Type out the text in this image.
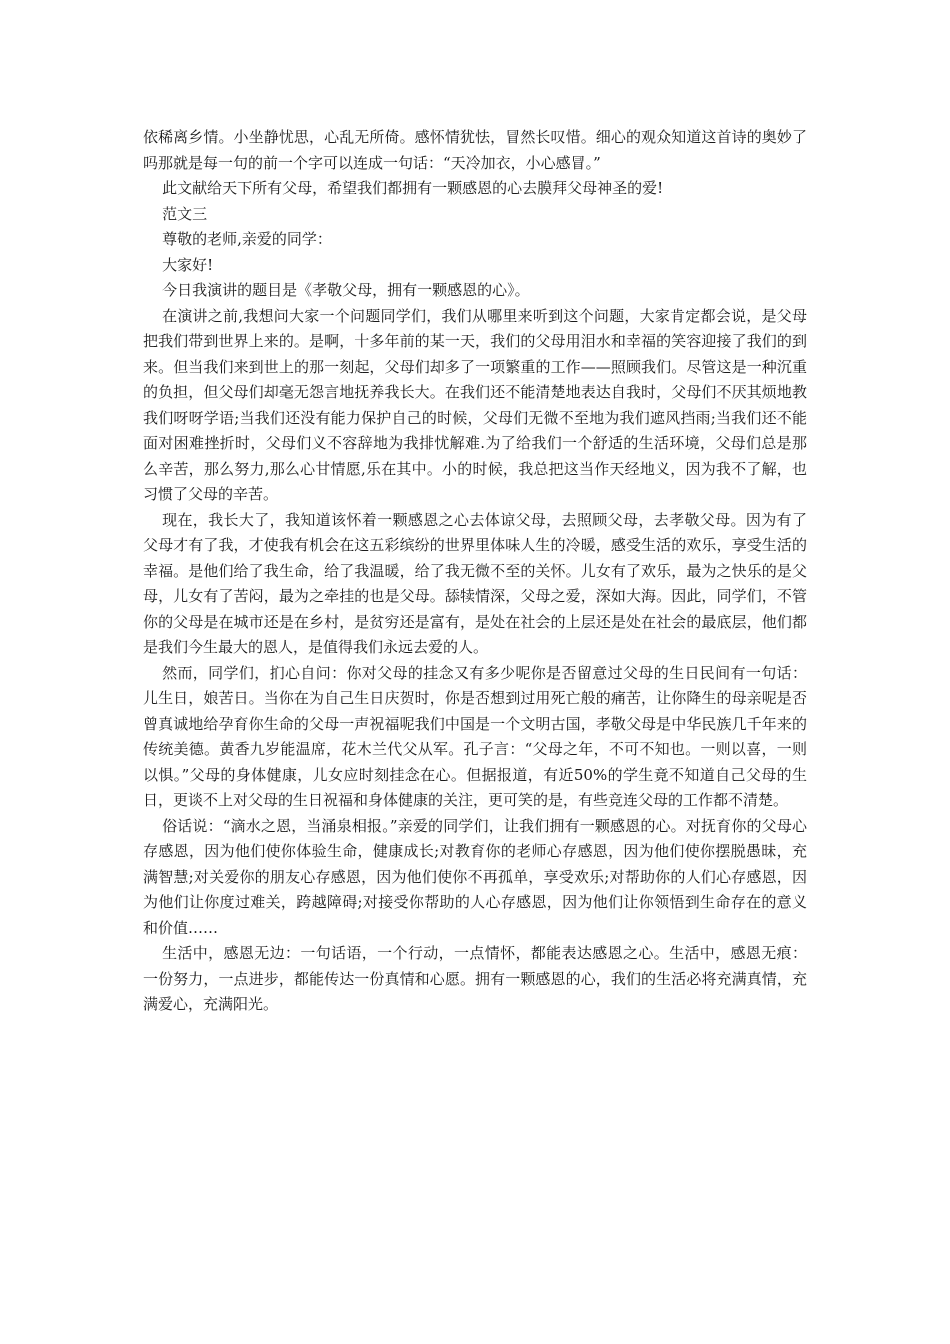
依稀离乡情。小坐静忧思，心乱无所倚。感怀情犹怯，冒然长叹惜。细心的观众知道这首诗的奥妙了吗那就是每一句的前一个字可以连成一句话：“天冷加衣，小心感冒。”

此文献给天下所有父母，希望我们都拥有一颗感恩的心去膜拜父母神圣的爱!

范文三

尊敬的老师,亲爱的同学：

大家好!

今日我演讲的题目是《孝敬父母，拥有一颗感恩的心》。

在演讲之前,我想问大家一个问题同学们，我们从哪里来听到这个问题，大家肯定都会说，是父母把我们带到世界上来的。是啊，十多年前的某一天，我们的父母用泪水和幸福的笑容迎接了我们的到来。但当我们来到世上的那一刻起，父母们却多了一项繁重的工作——照顾我们。尽管这是一种沉重的负担，但父母们却毫无怨言地抚养我长大。在我们还不能清楚地表达自我时，父母们不厌其烦地教我们呀呀学语;当我们还没有能力保护自己的时候，父母们无微不至地为我们遮风挡雨;当我们还不能面对困难挫折时，父母们义不容辞地为我排忧解难.为了给我们一个舒适的生活环境，父母们总是那么辛苦，那么努力,那么心甘情愿,乐在其中。小的时候，我总把这当作天经地义，因为我不了解，也习惯了父母的辛苦。

现在，我长大了，我知道该怀着一颗感恩之心去体谅父母，去照顾父母，去孝敬父母。因为有了父母才有了我，才使我有机会在这五彩缤纷的世界里体味人生的冷暖，感受生活的欢乐，享受生活的幸福。是他们给了我生命，给了我温暖，给了我无微不至的关怀。儿女有了欢乐，最为之快乐的是父母，儿女有了苦闷，最为之牵挂的也是父母。舔犊情深，父母之爱，深如大海。因此，同学们，不管你的父母是在城市还是在乡村，是贫穷还是富有，是处在社会的上层还是处在社会的最底层，他们都是我们今生最大的恩人，是值得我们永远去爱的人。

然而，同学们，扪心自问：你对父母的挂念又有多少呢你是否留意过父母的生日民间有一句话：儿生日，娘苦日。当你在为自己生日庆贺时，你是否想到过用死亡般的痛苦，让你降生的母亲呢是否曾真诚地给孕育你生命的父母一声祝福呢我们中国是一个文明古国，孝敬父母是中华民族几千年来的传统美德。黄香九岁能温席，花木兰代父从军。孔子言：“父母之年，不可不知也。一则以喜，一则以惧。”父母的身体健康，儿女应时刻挂念在心。但据报道，有近50%的学生竟不知道自己父母的生日，更谈不上对父母的生日祝福和身体健康的关注，更可笑的是，有些竞连父母的工作都不清楚。

俗话说：“滴水之恩，当涌泉相报。”亲爱的同学们，让我们拥有一颗感恩的心。对抚育你的父母心存感恩，因为他们使你体验生命，健康成长;对教育你的老师心存感恩，因为他们使你摆脱愚昧，充满智慧;对关爱你的朋友心存感恩，因为他们使你不再孤单，享受欢乐;对帮助你的人们心存感恩，因为他们让你度过难关，跨越障碍;对接受你帮助的人心存感恩，因为他们让你领悟到生命存在的意义和价值……

生活中，感恩无边：一句话语，一个行动，一点情怀，都能表达感恩之心。生活中，感恩无痕：一份努力，一点进步，都能传达一份真情和心愿。拥有一颗感恩的心，我们的生活必将充满真情，充满爱心，充满阳光。
